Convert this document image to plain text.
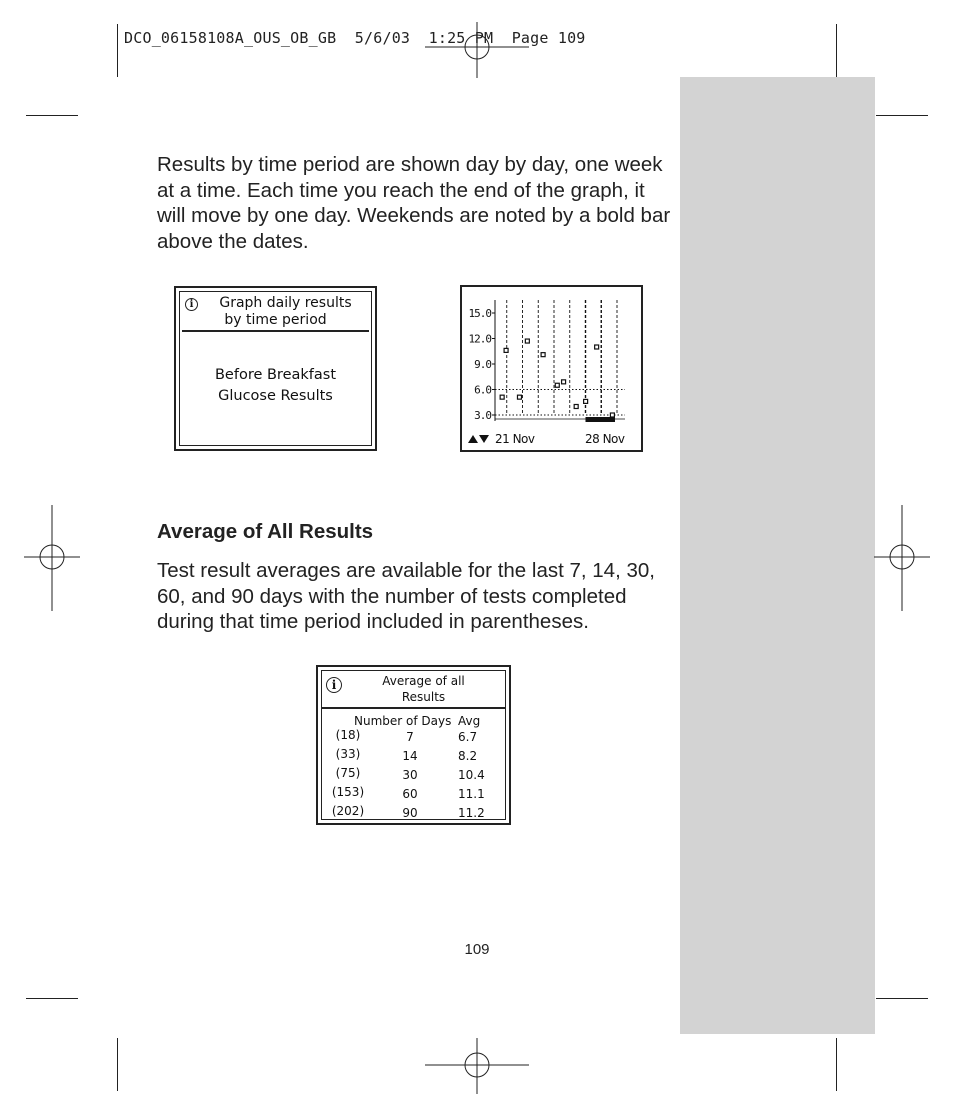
DCO_06158108A_OUS_OB_GB  5/6/03  1:25 PM  Page 109
Results by time period are shown day by day, one week at a time. Each time you reach the end of the graph, it will move by one day. Weekends are noted by a bold bar above the dates.
i	Graph daily results
by time period
Before Breakfast
Glucose Results
15.0
12.0
9.0
6.0
3.0
21 Nov	28 Nov
Average of All Results
Test result averages are available for the last 7, 14, 30, 60, and 90 days with the number of tests completed during that time period included in parentheses.
i	Average of all
Results
Number of Days Avg
(18)	7	6.7
(33)	14	8.2
(75)	30	10.4
(153)	60	11.1
(202)	90	11.2
109
